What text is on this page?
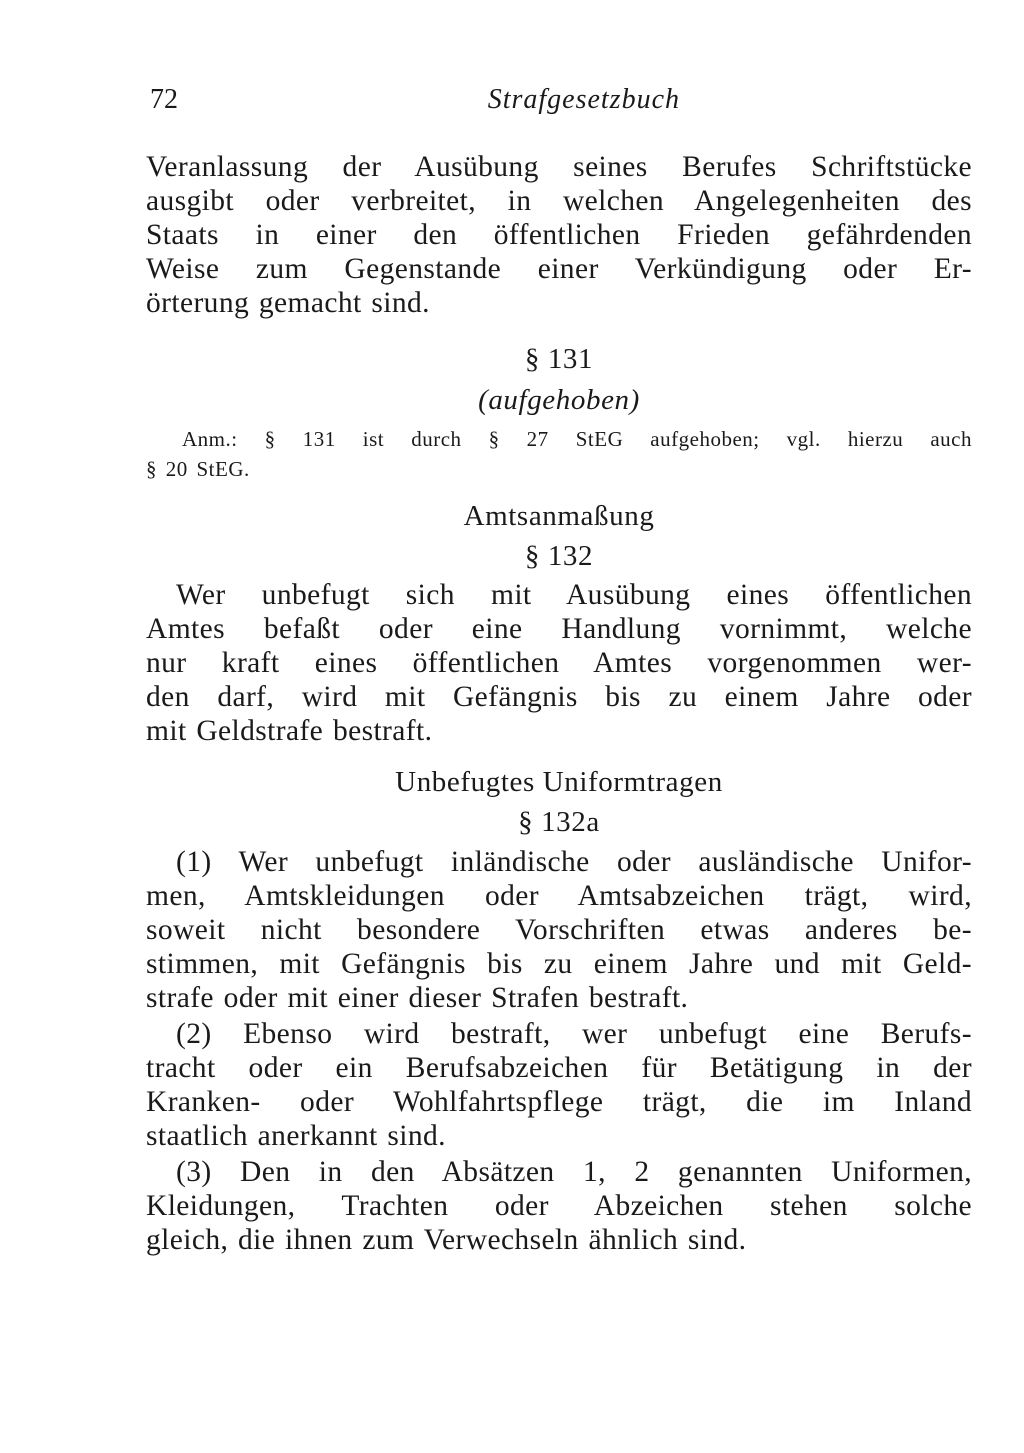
72	Strafgesetzbuch
Veranlassung der Ausübung seines Berufes Schriftstücke
ausgibt oder verbreitet, in welchen Angelegenheiten des
Staats in einer den öffentlichen Frieden gefährdenden
Weise zum Gegenstande einer Verkündigung oder Er-
örterung gemacht sind.
§ 131
(aufgehoben)
Anm.: § 131 ist durch § 27 StEG aufgehoben; vgl. hierzu auch
§ 20 StEG.
Amtsanmaßung
§ 132
Wer unbefugt sich mit Ausübung eines öffentlichen
Amtes befaßt oder eine Handlung vornimmt, welche
nur kraft eines öffentlichen Amtes vorgenommen wer-
den darf, wird mit Gefängnis bis zu einem Jahre oder
mit Geldstrafe bestraft.
Unbefugtes Uniformtragen
§ 132a
(1) Wer unbefugt inländische oder ausländische Unifor-
men, Amtskleidungen oder Amtsabzeichen trägt, wird,
soweit nicht besondere Vorschriften etwas anderes be-
stimmen, mit Gefängnis bis zu einem Jahre und mit Geld-
strafe oder mit einer dieser Strafen bestraft.
(2) Ebenso wird bestraft, wer unbefugt eine Berufs-
tracht oder ein Berufsabzeichen für Betätigung in der
Kranken- oder Wohlfahrtspflege trägt, die im Inland
staatlich anerkannt sind.
(3) Den in den Absätzen 1, 2 genannten Uniformen,
Kleidungen, Trachten oder Abzeichen stehen solche
gleich, die ihnen zum Verwechseln ähnlich sind.
